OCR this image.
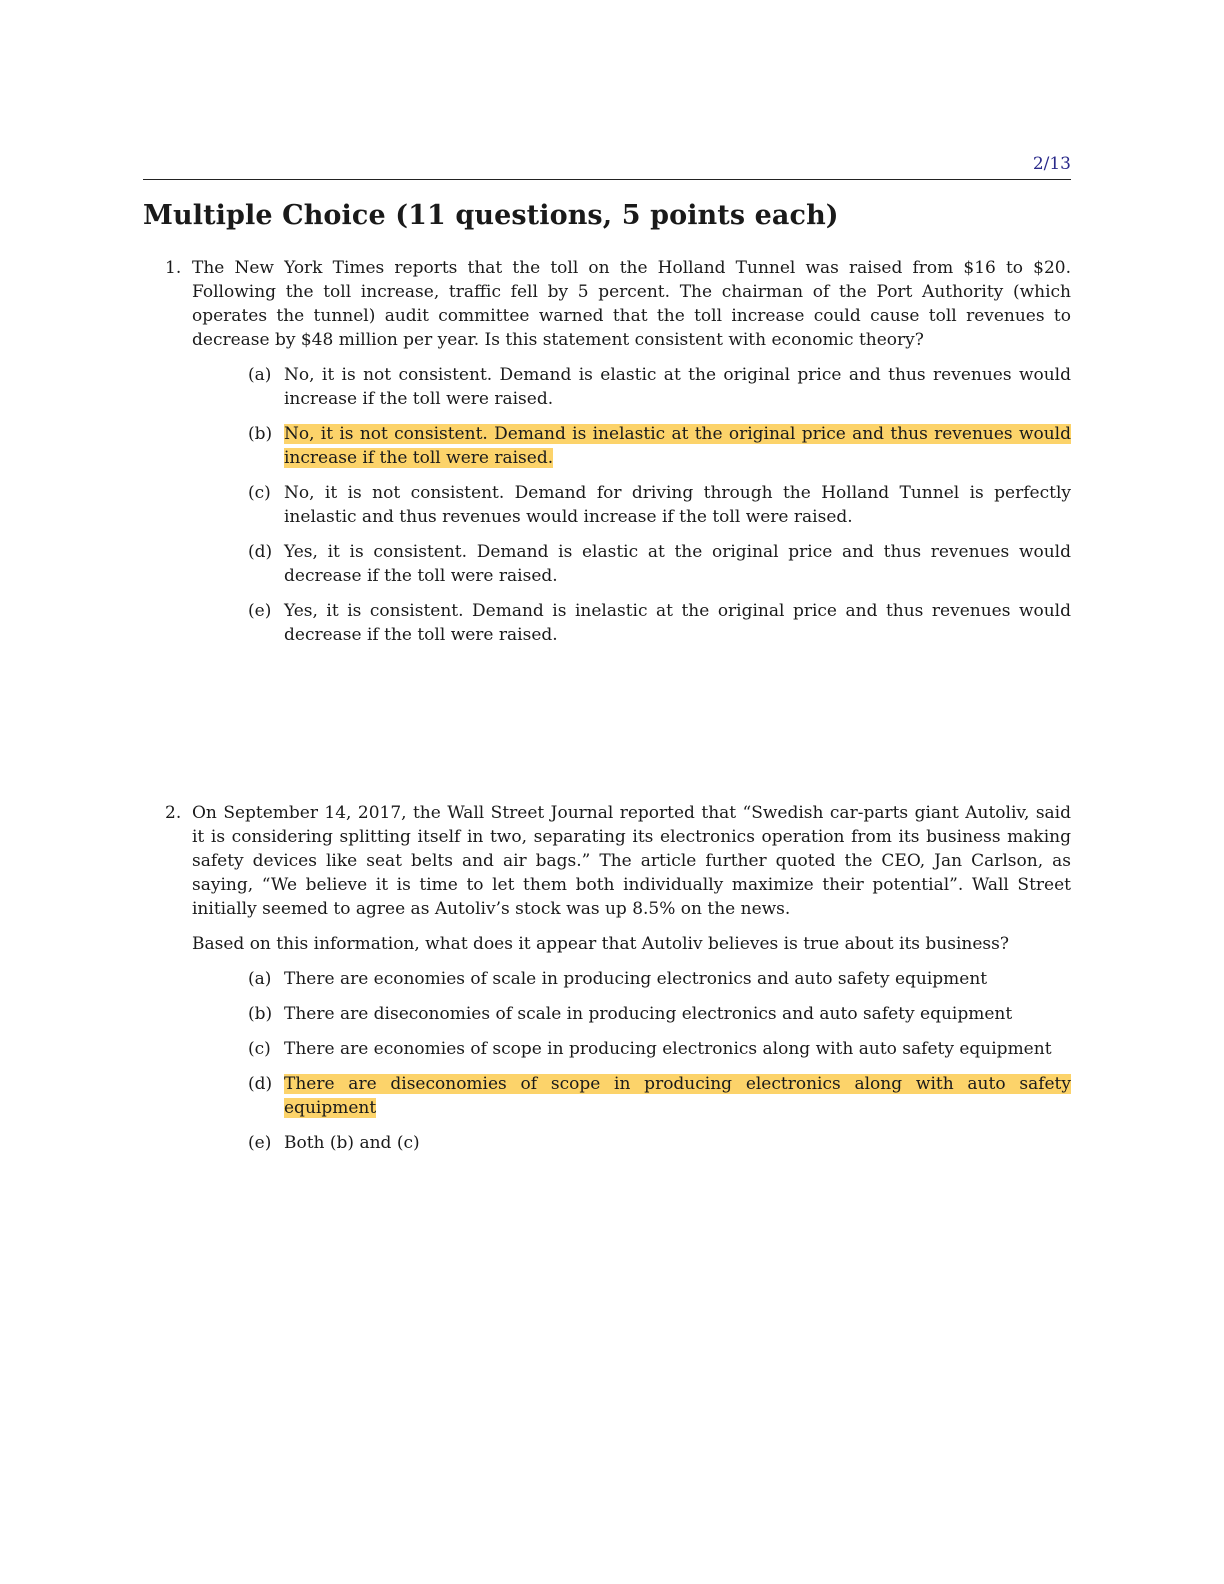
2/13
Multiple Choice (11 questions, 5 points each)
1. The New York Times reports that the toll on the Holland Tunnel was raised from $16 to $20. Following the toll increase, traffic fell by 5 percent. The chairman of the Port Authority (which operates the tunnel) audit committee warned that the toll increase could cause toll revenues to decrease by $48 million per year. Is this statement consistent with economic theory?

(a) No, it is not consistent. Demand is elastic at the original price and thus revenues would increase if the toll were raised.
(b) No, it is not consistent. Demand is inelastic at the original price and thus revenues would increase if the toll were raised.
(c) No, it is not consistent. Demand for driving through the Holland Tunnel is perfectly inelastic and thus revenues would increase if the toll were raised.
(d) Yes, it is consistent. Demand is elastic at the original price and thus revenues would decrease if the toll were raised.
(e) Yes, it is consistent. Demand is inelastic at the original price and thus revenues would decrease if the toll were raised.
2. On September 14, 2017, the Wall Street Journal reported that “Swedish car-parts giant Autoliv, said it is considering splitting itself in two, separating its electronics operation from its business making safety devices like seat belts and air bags.” The article further quoted the CEO, Jan Carlson, as saying, “We believe it is time to let them both individually maximize their potential”. Wall Street initially seemed to agree as Autoliv’s stock was up 8.5% on the news.

Based on this information, what does it appear that Autoliv believes is true about its business?

(a) There are economies of scale in producing electronics and auto safety equipment
(b) There are diseconomies of scale in producing electronics and auto safety equipment
(c) There are economies of scope in producing electronics along with auto safety equipment
(d) There are diseconomies of scope in producing electronics along with auto safety equipment
(e) Both (b) and (c)
